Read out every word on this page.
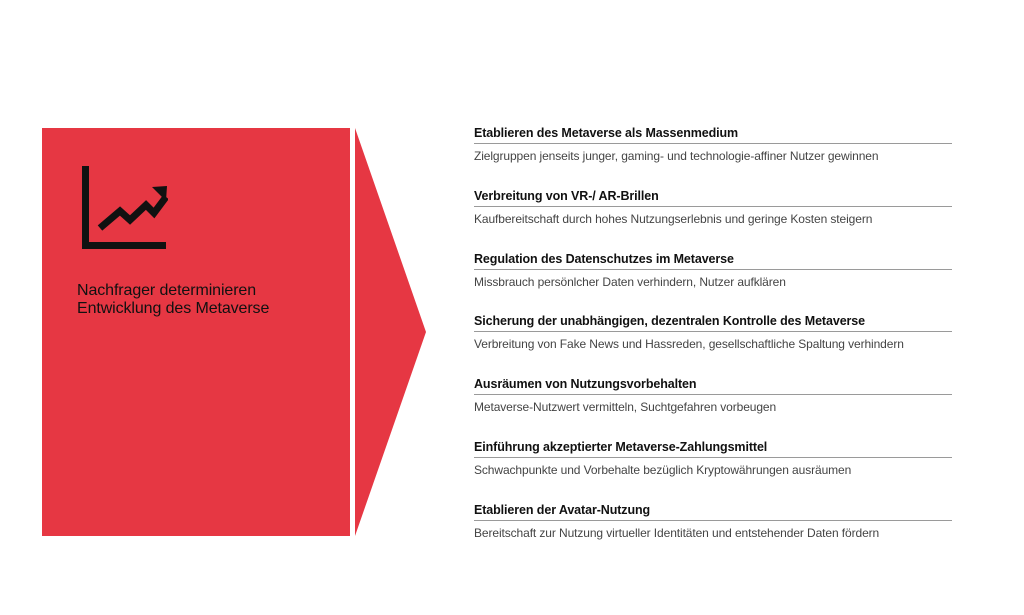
Nachfrager determinieren
Entwicklung des Metaverse
Etablieren des Metaverse als Massenmedium
Zielgruppen jenseits junger, gaming- und technologie-affiner Nutzer gewinnen
Verbreitung von VR-/ AR-Brillen
Kaufbereitschaft durch hohes Nutzungserlebnis und geringe Kosten steigern
Regulation des Datenschutzes im Metaverse
Missbrauch persönlcher Daten verhindern, Nutzer aufklären
Sicherung der unabhängigen, dezentralen Kontrolle des Metaverse
Verbreitung von Fake News und Hassreden, gesellschaftliche Spaltung verhindern
Ausräumen von Nutzungsvorbehalten
Metaverse-Nutzwert vermitteln, Suchtgefahren vorbeugen
Einführung akzeptierter Metaverse-Zahlungsmittel
Schwachpunkte und Vorbehalte bezüglich Kryptowährungen ausräumen
Etablieren der Avatar-Nutzung
Bereitschaft zur Nutzung virtueller Identitäten und entstehender Daten fördern
